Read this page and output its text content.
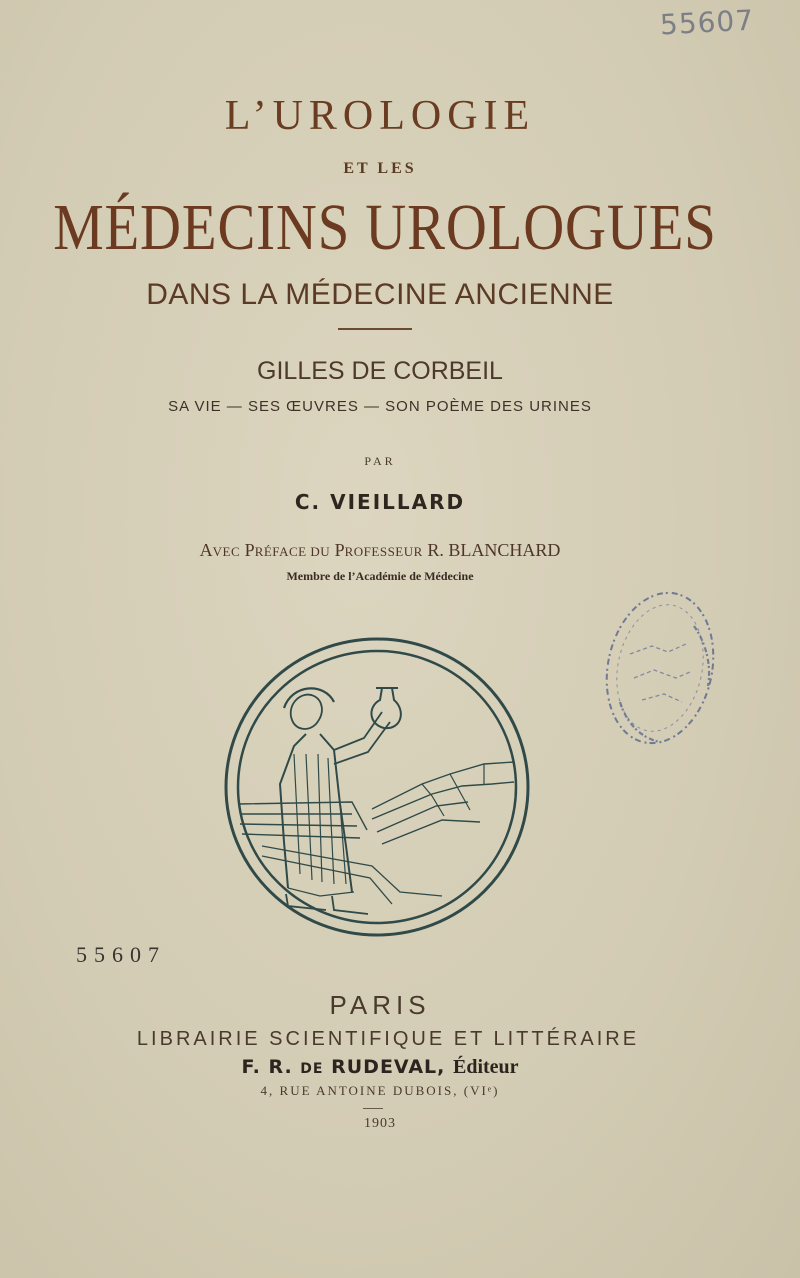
55607
L’UROLOGIE
ET LES
MÉDECINS UROLOGUES
DANS LA MÉDECINE ANCIENNE
GILLES DE CORBEIL
SA VIE — SES ŒUVRES — SON POÈME DES URINES
PAR
C. VIEILLARD
AVEC PRÉFACE DU PROFESSEUR R. BLANCHARD
Membre de l’Académie de Médecine
55607
PARIS
LIBRAIRIE SCIENTIFIQUE ET LITTÉRAIRE
F. R. DE RUDEVAL, Éditeur
4, RUE ANTOINE DUBOIS, (VIᵉ)
1903
